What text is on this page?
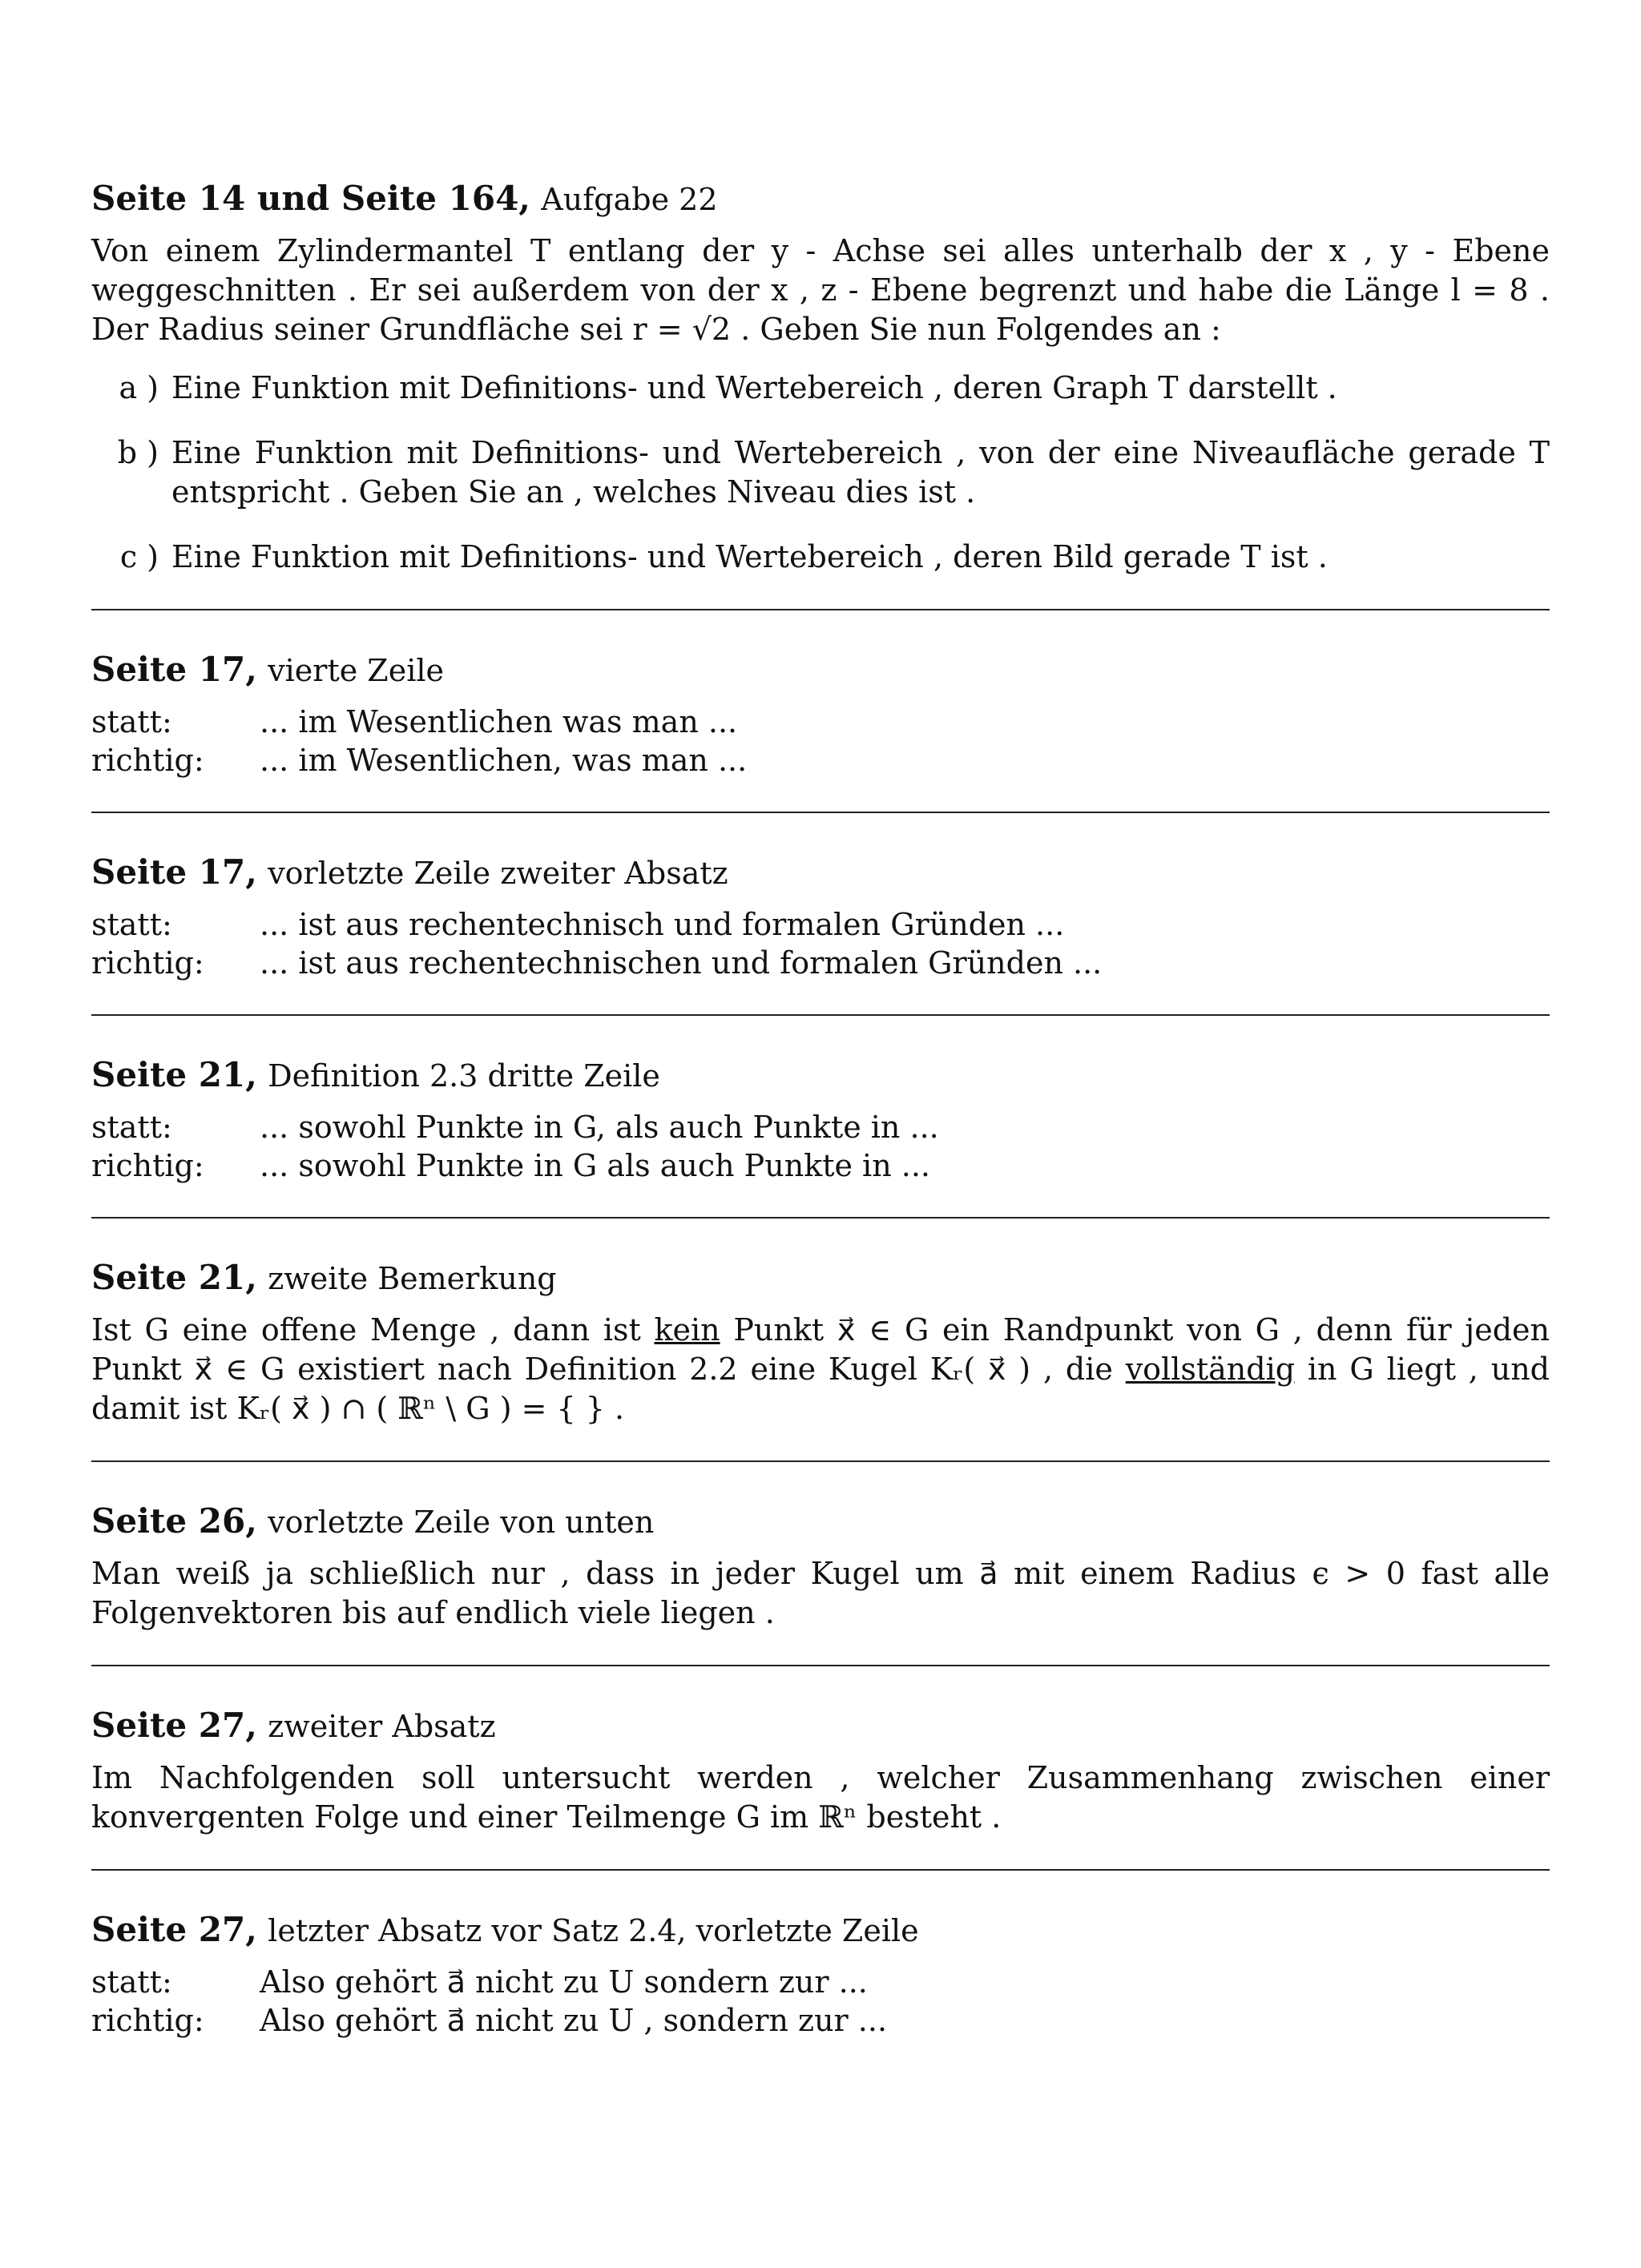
Seite 14 und Seite 164, Aufgabe 22

Von einem Zylindermantel T entlang der y - Achse sei alles unterhalb der x , y - Ebene weggeschnitten . Er sei außerdem von der x , z - Ebene begrenzt und habe die Länge l = 8 . Der Radius seiner Grundfläche sei r = √2 . Geben Sie nun Folgendes an :

a ) Eine Funktion mit Definitions- und Wertebereich , deren Graph T darstellt .
b ) Eine Funktion mit Definitions- und Wertebereich , von der eine Niveaufläche gerade T entspricht . Geben Sie an , welches Niveau dies ist .
c ) Eine Funktion mit Definitions- und Wertebereich , deren Bild gerade T ist .
Seite 17, vierte Zeile
statt:	... im Wesentlichen was man ...
richtig:	... im Wesentlichen, was man ...
Seite 17, vorletzte Zeile zweiter Absatz
statt:	... ist aus rechentechnisch und formalen Gründen ...
richtig:	... ist aus rechentechnischen und formalen Gründen ...
Seite 21, Definition 2.3 dritte Zeile
statt:	... sowohl Punkte in G, als auch Punkte in ...
richtig:	... sowohl Punkte in G als auch Punkte in ...
Seite 21, zweite Bemerkung

Ist G eine offene Menge , dann ist kein Punkt x⃗ ∈ G ein Randpunkt von G , denn für jeden Punkt x⃗ ∈ G existiert nach Definition 2.2 eine Kugel Kᵣ( x⃗ ) , die vollständig in G liegt , und damit ist Kᵣ( x⃗ ) ∩ ( ℝⁿ \ G ) = { } .

Seite 26, vorletzte Zeile von unten

Man weiß ja schließlich nur , dass in jeder Kugel um a⃗ mit einem Radius ϵ > 0 fast alle Folgenvektoren bis auf endlich viele liegen .

Seite 27, zweiter Absatz

Im Nachfolgenden soll untersucht werden , welcher Zusammenhang zwischen einer konvergenten Folge und einer Teilmenge G im ℝⁿ besteht .

Seite 27, letzter Absatz vor Satz 2.4, vorletzte Zeile
statt:	Also gehört a⃗ nicht zu U sondern zur ...
richtig:	Also gehört a⃗ nicht zu U , sondern zur ...
